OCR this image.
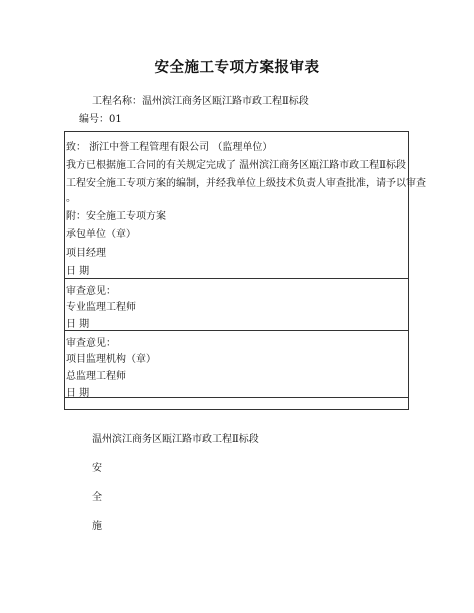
安全施工专项方案报审表
工程名称：温州滨江商务区瓯江路市政工程Ⅱ标段
编号：01
致： 浙江中誉工程管理有限公司 （监理单位）
我方已根据施工合同的有关规定完成了 温州滨江商务区瓯江路市政工程Ⅱ标段
工程安全施工专项方案的编制，并经我单位上级技术负责人审查批准，请予以审查
。
附：安全施工专项方案
承包单位（章）
项目经理
日 期
审查意见：
专业监理工程师
日 期
审查意见：
项目监理机构（章）
总监理工程师
日 期
温州滨江商务区瓯江路市政工程Ⅱ标段
安
全
施
